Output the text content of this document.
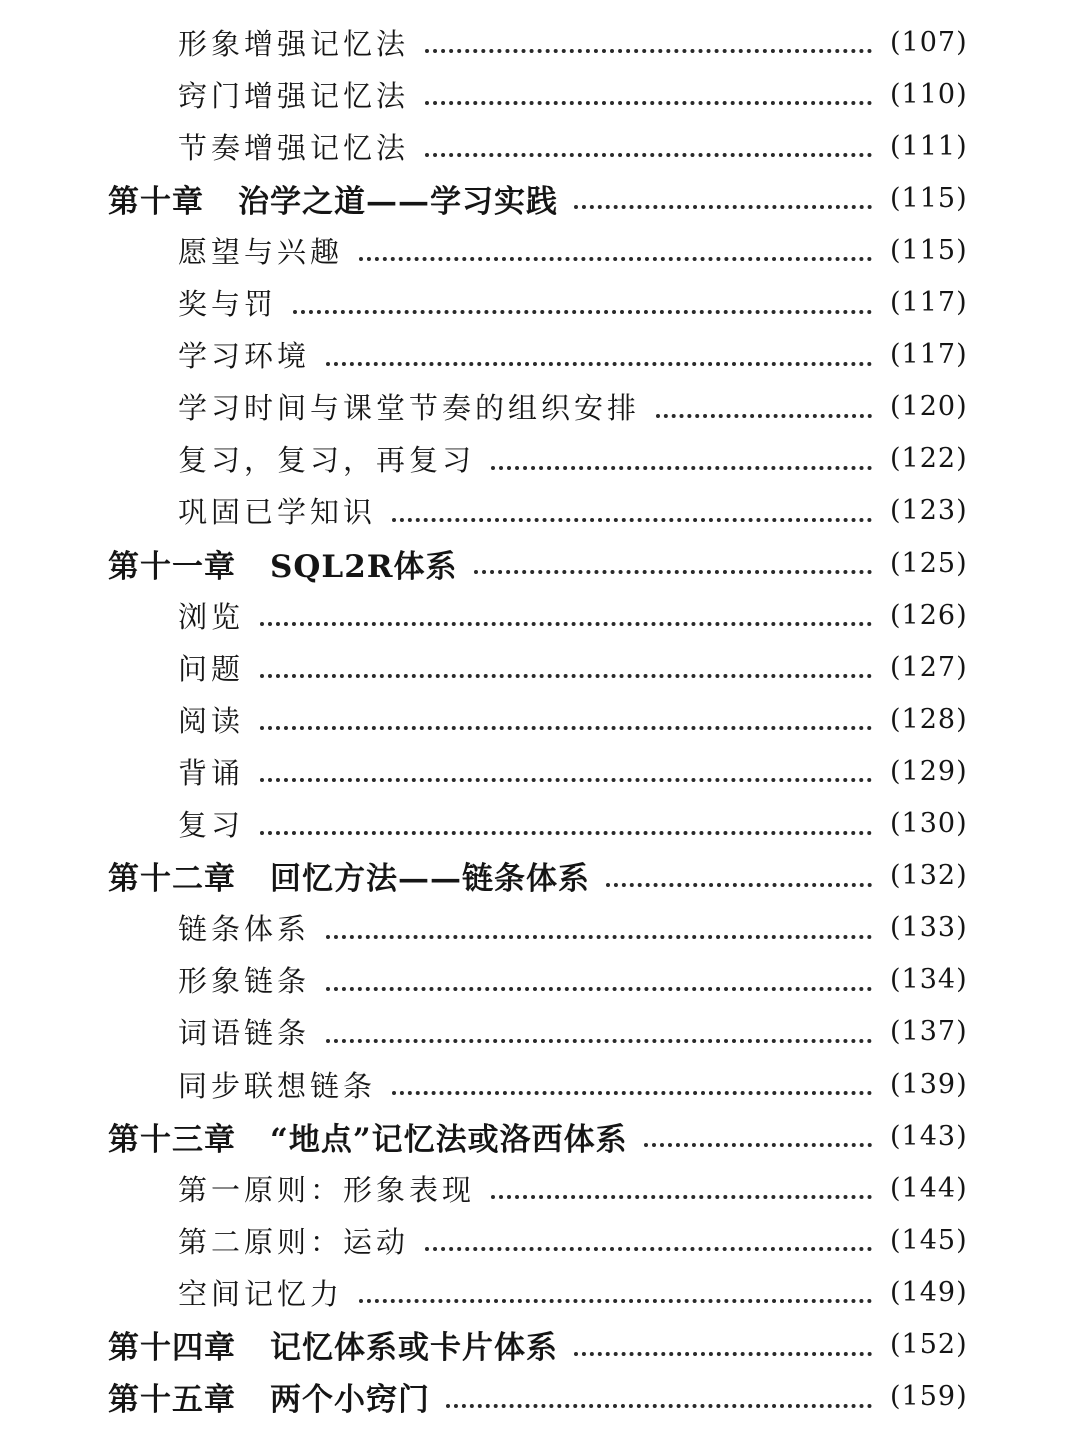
形象增强记忆法	(107)
窍门增强记忆法	(110)
节奏增强记忆法	(111)
第十章 治学之道——学习实践	(115)
愿望与兴趣	(115)
奖与罚	(117)
学习环境	(117)
学习时间与课堂节奏的组织安排	(120)
复习，复习，再复习	(122)
巩固已学知识	(123)
第十一章 SQL2R体系	(125)
浏览	(126)
问题	(127)
阅读	(128)
背诵	(129)
复习	(130)
第十二章 回忆方法——链条体系	(132)
链条体系	(133)
形象链条	(134)
词语链条	(137)
同步联想链条	(139)
第十三章 “地点”记忆法或洛西体系	(143)
第一原则：形象表现	(144)
第二原则：运动	(145)
空间记忆力	(149)
第十四章 记忆体系或卡片体系	(152)
第十五章 两个小窍门	(159)
